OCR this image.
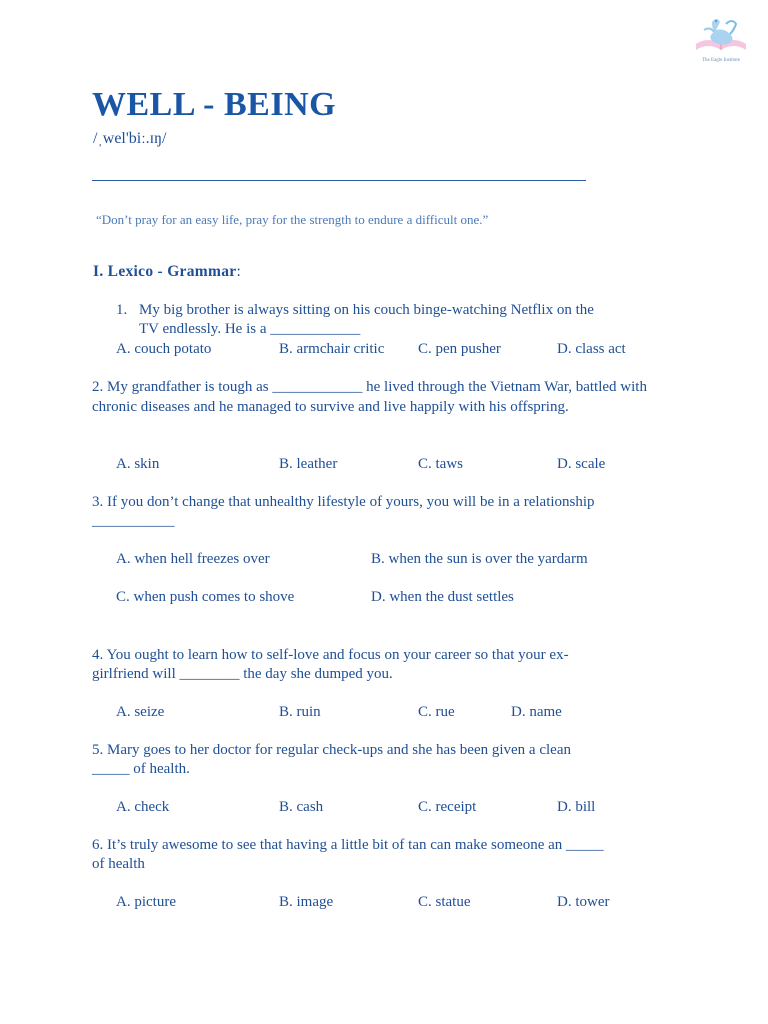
The Eagle Institute
WELL - BEING
/ˌwel'biː.ɪŋ/
“Don’t pray for an easy life, pray for the strength to endure a difficult one.”
I. Lexico - Grammar:
1. My big brother is always sitting on his couch binge-watching Netflix on the
TV endlessly. He is a ____________
A. couch potato	B. armchair critic C. pen pusher	D. class act
2. My grandfather is tough as ____________ he lived through the Vietnam War, battled with chronic diseases and he managed to survive and live happily with his offspring.
A. skin	B. leather	C. taws	D. scale
3. If you don’t change that unhealthy lifestyle of yours, you will be in a relationship
___________
A. when hell freezes over	B. when the sun is over the yardarm
C. when push comes to shove	D. when the dust settles
4. You ought to learn how to self-love and focus on your career so that your ex-
girlfriend will ________ the day she dumped you.
A. seize	B. ruin	C. rue	D. name
5. Mary goes to her doctor for regular check-ups and she has been given a clean
_____ of health.
A. check	B. cash	C. receipt	D. bill
6. It’s truly awesome to see that having a little bit of tan can make someone an _____
of health
A. picture	B. image	C. statue	D. tower
